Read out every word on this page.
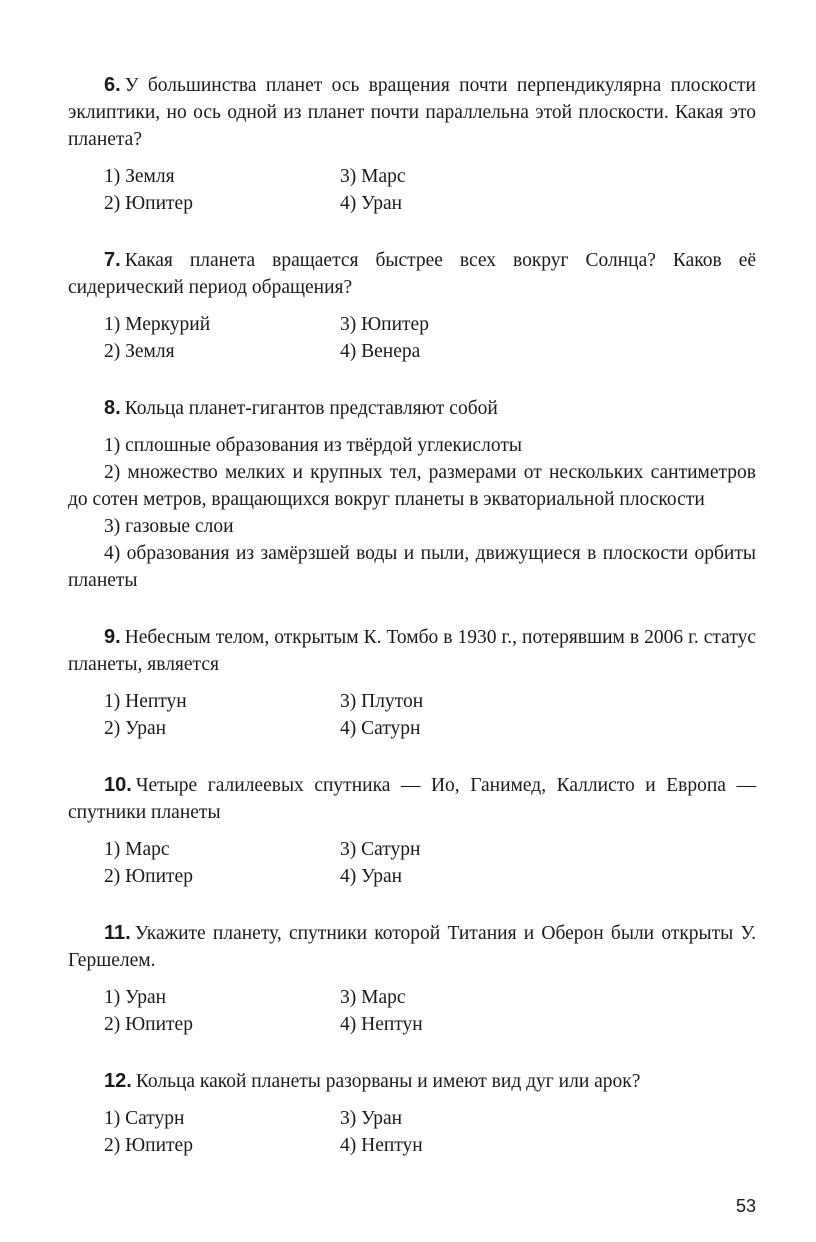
6. У большинства планет ось вращения почти перпендикулярна плоскости эклиптики, но ось одной из планет почти параллельна этой плоскости. Какая это планета?
1) Земля	3) Марс
2) Юпитер	4) Уран
7. Какая планета вращается быстрее всех вокруг Солнца? Каков её сидерический период обращения?
1) Меркурий	3) Юпитер
2) Земля	4) Венера
8. Кольца планет-гигантов представляют собой
1) сплошные образования из твёрдой углекислоты
2) множество мелких и крупных тел, размерами от нескольких сантиметров до сотен метров, вращающихся вокруг планеты в экваториальной плоскости
3) газовые слои
4) образования из замёрзшей воды и пыли, движущиеся в плоскости орбиты планеты
9. Небесным телом, открытым К. Томбо в 1930 г., потерявшим в 2006 г. статус планеты, является
1) Нептун	3) Плутон
2) Уран	4) Сатурн
10. Четыре галилеевых спутника — Ио, Ганимед, Каллисто и Европа — спутники планеты
1) Марс	3) Сатурн
2) Юпитер	4) Уран
11. Укажите планету, спутники которой Титания и Оберон были открыты У. Гершелем.
1) Уран	3) Марс
2) Юпитер	4) Нептун
12. Кольца какой планеты разорваны и имеют вид дуг или арок?
1) Сатурн	3) Уран
2) Юпитер	4) Нептун
53
